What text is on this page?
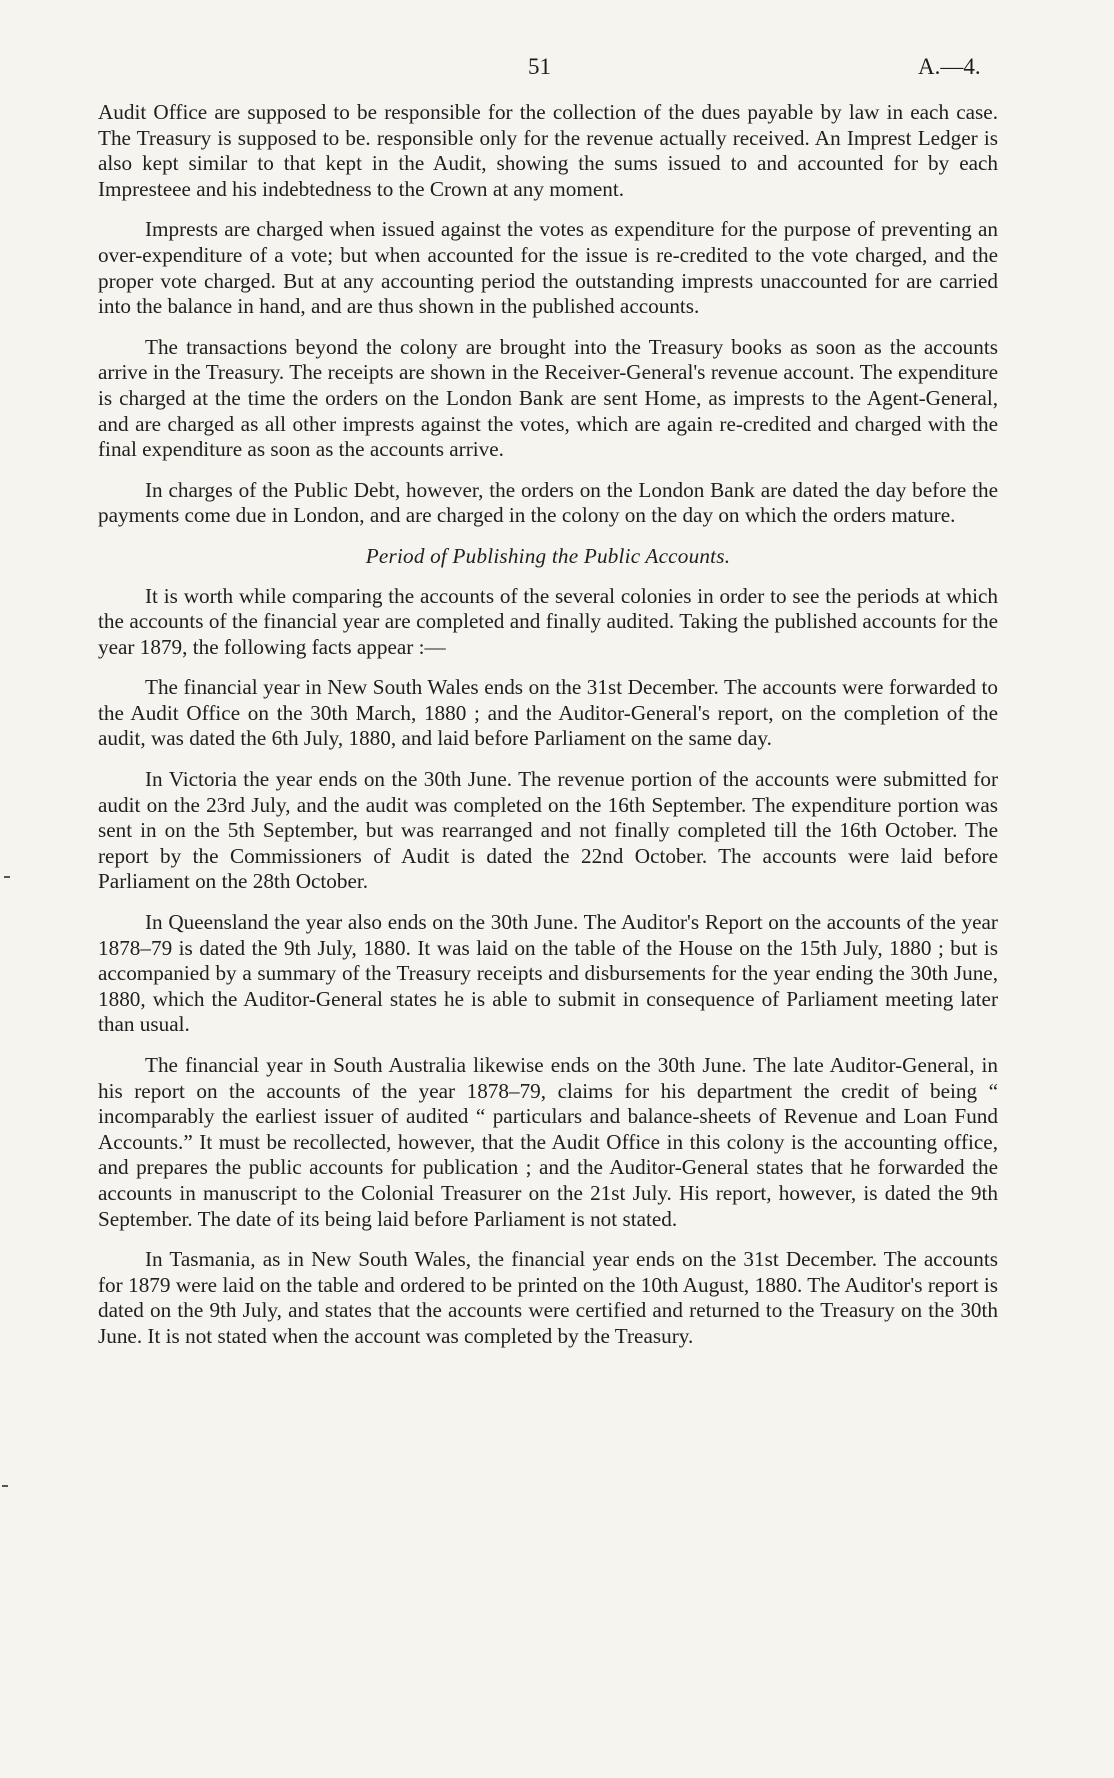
51	A.—4.

Audit Office are supposed to be responsible for the collection of the dues payable by law in each case. The Treasury is supposed to be. responsible only for the revenue actually received. An Imprest Ledger is also kept similar to that kept in the Audit, showing the sums issued to and accounted for by each Impresteee and his indebtedness to the Crown at any moment.

Imprests are charged when issued against the votes as expenditure for the purpose of preventing an over-expenditure of a vote; but when accounted for the issue is re-credited to the vote charged, and the proper vote charged. But at any accounting period the outstanding imprests unaccounted for are carried into the balance in hand, and are thus shown in the published accounts.

The transactions beyond the colony are brought into the Treasury books as soon as the accounts arrive in the Treasury. The receipts are shown in the Receiver-General's revenue account. The expenditure is charged at the time the orders on the London Bank are sent Home, as imprests to the Agent-General, and are charged as all other imprests against the votes, which are again re-credited and charged with the final expenditure as soon as the accounts arrive.

In charges of the Public Debt, however, the orders on the London Bank are dated the day before the payments come due in London, and are charged in the colony on the day on which the orders mature.

Period of Publishing the Public Accounts.

It is worth while comparing the accounts of the several colonies in order to see the periods at which the accounts of the financial year are completed and finally audited. Taking the published accounts for the year 1879, the following facts appear :—

The financial year in New South Wales ends on the 31st December. The accounts were forwarded to the Audit Office on the 30th March, 1880 ; and the Auditor-General's report, on the completion of the audit, was dated the 6th July, 1880, and laid before Parliament on the same day.

In Victoria the year ends on the 30th June. The revenue portion of the accounts were submitted for audit on the 23rd July, and the audit was completed on the 16th September. The expenditure portion was sent in on the 5th September, but was rearranged and not finally completed till the 16th October. The report by the Commissioners of Audit is dated the 22nd October. The accounts were laid before Parliament on the 28th October.

In Queensland the year also ends on the 30th June. The Auditor's Report on the accounts of the year 1878–79 is dated the 9th July, 1880. It was laid on the table of the House on the 15th July, 1880 ; but is accompanied by a summary of the Treasury receipts and disbursements for the year ending the 30th June, 1880, which the Auditor-General states he is able to submit in consequence of Parliament meeting later than usual.

The financial year in South Australia likewise ends on the 30th June. The late Auditor-General, in his report on the accounts of the year 1878–79, claims for his department the credit of being “ incomparably the earliest issuer of audited “ particulars and balance-sheets of Revenue and Loan Fund Accounts.” It must be recollected, however, that the Audit Office in this colony is the accounting office, and prepares the public accounts for publication ; and the Auditor-General states that he forwarded the accounts in manuscript to the Colonial Treasurer on the 21st July. His report, however, is dated the 9th September. The date of its being laid before Parliament is not stated.

In Tasmania, as in New South Wales, the financial year ends on the 31st December. The accounts for 1879 were laid on the table and ordered to be printed on the 10th August, 1880. The Auditor's report is dated on the 9th July, and states that the accounts were certified and returned to the Treasury on the 30th June. It is not stated when the account was completed by the Treasury.
